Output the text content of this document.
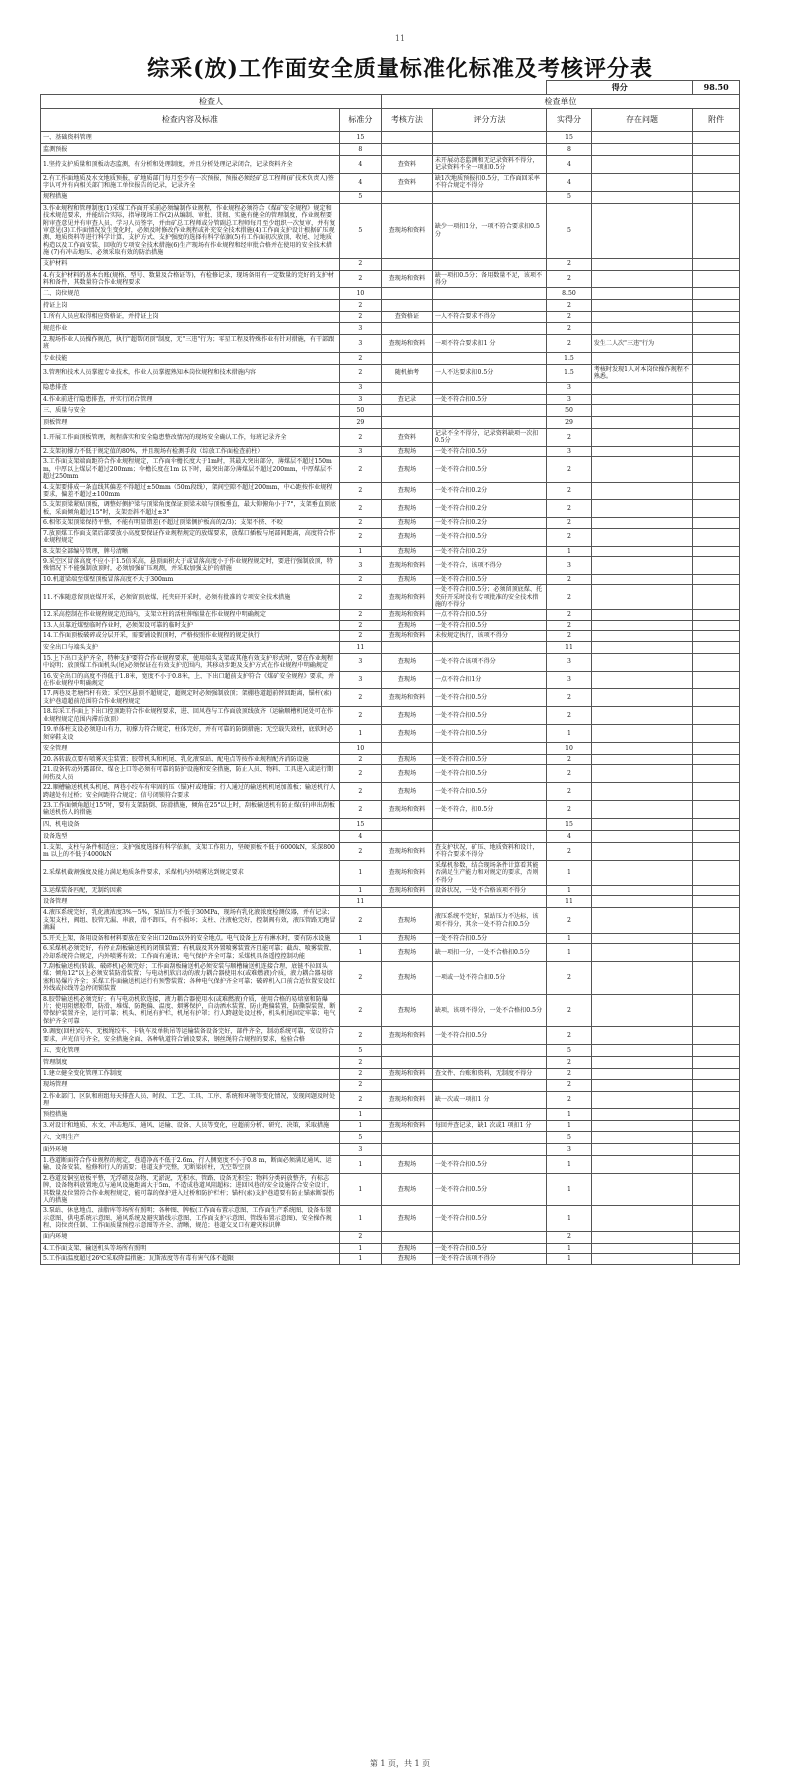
11
综采(放)工作面安全质量标准化标准及考核评分表
				得分		98.50
检查人		检查单位				
检查内容及标准	标准分	考核方法	评分方法	实得分	存在问题	附件
一、基础资料管理	15			15		
监测预报	8			8		
1.坚持支护质量和顶板动态监测，有分析和处理制度，并且分析处理记录闭合，记录资料齐全	4	查资料	未开展动态监测和无记录资料不得分，记录资料不全一项扣0.5分	4		
2.有工作面地质及水文地质预报，矿地质部门每月至少有一次预报，预报必须经矿总工程师(矿技术负责人)签字认可并有向相关部门和施工单位报告的记录，记录齐全	4	查资料	缺1次地质预报扣0.5分，工作面回采率不符合规定不得分	4		
规程措施	5			5		
3.作业规程和管理制度(1)采煤工作面开采前必须编制作业规程，作业规程必须符合《煤矿安全规程》规定和技术规范要求，并能结合实际，指导现场工作(2)从编制、审批、贯彻、实施有健全的管理制度，作业规程要附审查意见并有审查人员、学习人员签字，并由矿总工程师或分管副总工程师每月至少组织一次复审，并有复审意见(3)工作面情况发生变化时，必须及时修改作业规程或补充安全技术措施(4)工作面支护设计根据矿压观测、地质资料等进行科学计算，支护方式、支护强度的选择有科学依据(5)有工作面初次放顶、收尾、过地质构造以及工作面安装、回收的专项安全技术措施(6)生产现场有作业规程和经审批合格并在使用的安全技术措施 (7)有冲击地压、必须采取有效的防治措施	5	查现场和资料	缺少一项扣1分，一项不符合要求扣0.5分	5		
支护材料	2			2		
4.有支护材料的基本台账(规格、型号、数量及合格证等)，有检修记录，现场备用有一定数量的完好的支护材料和备件，其数量符合作业规程要求	2	查现场和资料	缺一项扣0.5分；备用数量不足，该项不得分	2		
二、岗位规范	10			8.50		
持证上岗	2			2		
1.所有人员应取得相应资格证，并持证上岗	2	查资格证	一人不符合要求不得分	2		
规范作业	3			2		
2.现场作业人员操作规范，执行"超帮闭顶"制度，无"三违"行为；零星工程及特殊作业有针对措施，有干部跟班	3	查现场和资料	一项不符合要求扣1 分	2	发生二人次"三违"行为	
专业技能	2			1.5		
3.管理和技术人员掌握专业技术，作业人员掌握熟知本岗位规程和技术措施内容	2	随机抽考	一人不达要求扣0.5分	1.5	考核时发现1人对本岗位操作规程不熟悉。	
隐患排查	3			3		
4.作业前进行隐患排查，并实行闭合管理	3	查记录	一处不符合扣0.5分	3		
三、质量与安全	50			50		
顶板管理	29			29		
1.开展工作面顶板管理，规程落实和安全隐患整改情况的现场安全确认工作，每班记录齐全	2	查资料	记录不全不得分，记录资料缺项一次扣0.5分	2		
2.支架初撑力不低于规定值的80%，并且现场有检测手段（综放工作面检查前柱）	3	查现场	一处不符合扣0.5分	3		
3.工作面支架端面距符合作业规程规定，工作面伞檐长度大于1m时，其最大突出部分，薄煤层不超过150mm，中厚以上煤层不超过200mm；伞檐长度在1m 以下时，最突出部分薄煤层不超过200mm，中厚煤层不超过250mm	2	查现场	一处不符合扣0.5分	2		
4.支架要排成一条直线其偏差不得超过±50mm（50m段线），架间空隙不超过200mm，中心距按作业规程要求，偏差不超过±100mm	2	查现场	一处不符合扣0.2分	2		
5.支架顶梁紧贴顶板，调整好侧护梁与顶梁角度保证顶梁末端与顶板垂直，最大仰俯角小于7°，支架垂直顶底板，采面倾角超过15°时，支架歪斜不超过±3°	2	查现场	一处不符合扣0.2分	2		
6.相邻支架顶梁保持平整，不能有明显错差(不超过顶梁侧护板高的2/3)；支架不挤、不咬	2	查现场	一处不符合扣0.2分	2		
7.放顶煤工作面支架后部要放小高度要保证作业规程规定的放煤要求，放煤口插板与尾部间距离，高度符合作业规程规定	2	查现场	一处不符合扣0.5分	2		
8.支架全部编号管理，牌号清晰	1	查现场	一处不符合扣0.2分	1		
9.采空区冒落高度不应小于1.5倍采高，悬顶面积大于或冒落高度小于作业规程规定时，要进行强制放顶，特殊情况下不能强制放顶时，必须加强矿压观测，并采取加强支护的措施	3	查现场和资料	一处不符合，该项不得分	3		
10.机道梁端至煤壁顶板冒落高度不大于300mm	2	查现场	一处不符合扣0.5分	2		
11.不准随意留顶底煤开采，必须留顶底煤、托夹矸开采时，必须有批准的专项安全技术措施	2	查现场和资料	一处不符合扣0.5分；必须留顶底煤、托夹矸开采时没有专项批准的安全技术措施的不得分	2		
12.采高控制在作业规程规定范围内，支架立柱的活柱伸缩量在作业规程中明确规定	2	查现场和资料	一点不符合扣0.5分	2		
13.人员靠近煤壁临时作业时，必须架设可靠的临时支护	2	查现场	一处不符合扣0.5分	2		
14.工作面顶板破碎或分层开采，需要铺设假顶时，严格按照作业规程的规定执行	2	查现场和资料	未按规定执行，该项不得分	2		
安全出口与端头支护	11			11		
15.上下出口支护齐全，特种支护要符合作业规程要求，使用端头支架或其他有效支护形式时，要在作业规程中说明；放顶煤工作面机头(尾)必须保证在有效支护范围内，其移动步距及支护方式在作业规程中明确规定	3	查现场	一处不符合该项不得分	3		
16.安全出口的高度不得低于1.8米，宽度不小于0.8米，上、下出口超前支护符合《煤矿安全规程》要求，并在作业规程中明确规定	3	查现场	一点不符合扣1分	3		
17.两巷及老塘挡杆有效；采空区悬顶不超规定，超规定时必须强制放顶；架棚巷道超前替回距离，锚杆(索)支护巷道超前范围符合作业规程规定	2	查现场和资料	一处不符合扣0.5分	2		
18.综采工作面上下出口控顶距符合作业规程要求，进、回风巷与工作面放顶线放齐（运输顺槽机尾处可在作业规程规定范围内滞后放顶）	2	查现场	一处不符合扣0.5分	2		
19.单体柱支设必须迎山有力，初撑力符合规定，柱体完好，并有可靠的防倒措施；无空载失效柱，底软时必须穿鞋支设	1	查现场	一处不符合扣0.5分	1		
安全管理	10			10		
20.各转载点要有喷雾灭尘装置；胶带机头和机尾、乳化液泵站、配电点等按作业规程配齐消防设施	2	查现场	一处不符合扣0.5分	2		
21.设备转动外露部位、煤仓上口等必须有可靠的防护设施和安全措施，防止人员、物料、工具进入或运行期间伤及人员	2	查现场	一处不符合扣0.5分	2		
22.顺槽输送机机头机尾、两巷小绞车有牢固的压（锚)杆或地锚；行人通过的输送机机尾加盖板；输送机行人跨越处有过桥；安全间距符合规定；信号闭锁符合要求	2	查现场	一处不符合扣0.5分	2		
23.工作面倾角超过15°时，要有支架防倒、防滑措施，倾角在25°以上时，刮板输送机有防止煤(矸)串出刮板输送机伤人的措施	2	查现场和资料	一处不符合，扣0.5分	2		
四、机电设备	15			15		
设备选型	4			4		
1.支架、支柱与条件相适应；支护强度选择有科学依据，支架工作阻力，坚硬顶板不低于6000kN，采深800m 以上的不低于4000kN	2	查现场和资料	查支护状况，矿压、地质资料和设计，不符合要求不得分	2		
2.采煤机截割强度及能力满足地质条件要求，采煤机内外喷雾达到规定要求	1	查现场和资料	采煤机参数，结合现场条件计算看其能否满足生产能力和对规定的要求，否则不得分	1		
3.运煤装备匹配，无制约因素	1	查现场和资料	设备状况，一处不合格该项不得分	1		
设备管理	11			11		
4.液压系统完好，乳化液浓度3%～5%，泵站压力不低于30MPa，现场有乳化液浓度检测仪器，并有记录；支架支柱，阀组、胶管无漏、串液，滑不卸压，有不损坏；支柱、注液枪完好，控制阀有效，液压管路无跑冒滴漏	2	查现场	液压系统不完好，泵站压力不达标，该项不得分，其余一处不符合扣0.5分	2		
5.开关上架，备用设备和材料要放在安全出口20m以外的安全地点。电气设备上方有淋水时，要有防水设施	1	查现场	一处不符合扣0.5分	1		
6.采煤机必须完好，有停止刮板输送机的闭锁装置；有机载及其外置喷雾装置齐且能可靠；截齿、喷雾装置、冷却系统符合规定，内外喷雾有效；工作面有通讯；电气保护齐全可靠；采煤机具备遥控控制功能	1	查现场	缺一项扣一分，一处不合格扣0.5分	1		
7.刮板输送机(转载、破碎机)必须完好；工作面刮板输送机必须安装与顺槽输送机连接合理，底链不拉回头煤；倾角12°以上必须安装防滑装置；与电动机软启动的液力耦合器使用水(或难燃液)介质，液力耦合器易熔塞和易爆片齐全；采煤工作面输送机运行有预警装置；各种电气保护齐全可靠；破碎机入口前合适位置安设红外线或拉线等急停闭锁装置	2	查现场	一项或一处不符合扣0.5分	2		
8.胶带输送机必须完好；有与电动机软连接，液力耦合器使用水(或难燃液)介质，使用合格的易熔塞和防爆片；使用阻燃胶带，防滑、堆煤、防跑偏、温度、烟雾保护，自动洒水装置、防止跑偏装置，防撕裂装置，断带保护装置齐全，运行可靠；机头、机尾有护栏，机尾有护罩；行人跨越处设过桥，机头机尾固定牢靠；电气保护齐全可靠	2	查现场	缺项，该项不得分，一处不合格扣0.5分	2		
9.调度(回柱)绞车、无极绳绞车、卡轨车及单轨吊等运输装备设备完好，部件齐全，制动系统可靠，安设符合要求，声光信号齐全，安全措施全面、各种轨道符合铺设要求，钢丝绳符合规程的要求，检验合格	2	查现场和资料	一处不符合扣0.5分	2		
五、变化管理	5			5		
管理制度	2			2		
1.建立健全变化管理工作制度	2	查现场和资料	查文件、台账和资料，无制度不得分	2		
现场管理	2			2		
2.作业部门、区队和班组每天排查人员、时段、工艺、工具、工序、系统和环境等变化情况，发现问题及时处理	2	查现场和资料	缺一次或一项扣1 分	2		
预控措施	1			1		
3.对设计和地质、水文、冲击地压、通风、运输、设备、人员等变化，应超前分析、研究、决策，采取措施	1	查现场和资料	每回井查记录，缺1 次或1 项扣1 分	1		
六、文明生产	5			5		
面外环境	3			3		
1.巷道断面符合作业规程的规定，巷道净高不低于2.6m，行人侧宽度不小于0.8 m，断面必须满足通风、运输、设备安装、检修和行人的需要；巷道支护完整，无断梁折柱，无空帮空顶	1	查现场	一处不符合扣0.5分	1		
2.巷道及铜室底板平整，无浮碴及杂物、无淤泥，无积水，管路、设备无积尘；物料分类码放整齐，有标志牌，设备物料放置地点与通风设施距离大于5m，不造成巷道风阻超标；进回风巷的安全设施符合安全设计，其数量及位置符合作业规程规定，能可靠的保护进入过桥和防护栏杆；锚杆(索)支护巷道要有防止锚索断裂伤人的措施	1	查现场	一处不符合扣0.5分	1		
3.泵站、休息地点、油脂库等场所有照明；各种图、牌板(工作面布置示意图、工作面生产系统图、设备布置示意图、供电系统示意图、通风系统及避灾路线示意图、工作面支护示意图、管线布置示意图)、安全操作规程、岗位责任制、工作面质量预控示意图等齐全、清晰，规范；巷道交叉口有避灾标识牌	1	查现场	一处不符合扣0.5分	1		
面内环境	2			2		
4.工作面支架、输送机头等场所有照明	1	查现场	一处不符合扣0.5分	1		
5.工作面温度超过26℃采取降温措施；瓦斯浓度等有毒有害气体不超限	1	查现场	一处不符合该项不得分	1		
第 1 页，共 1 页
